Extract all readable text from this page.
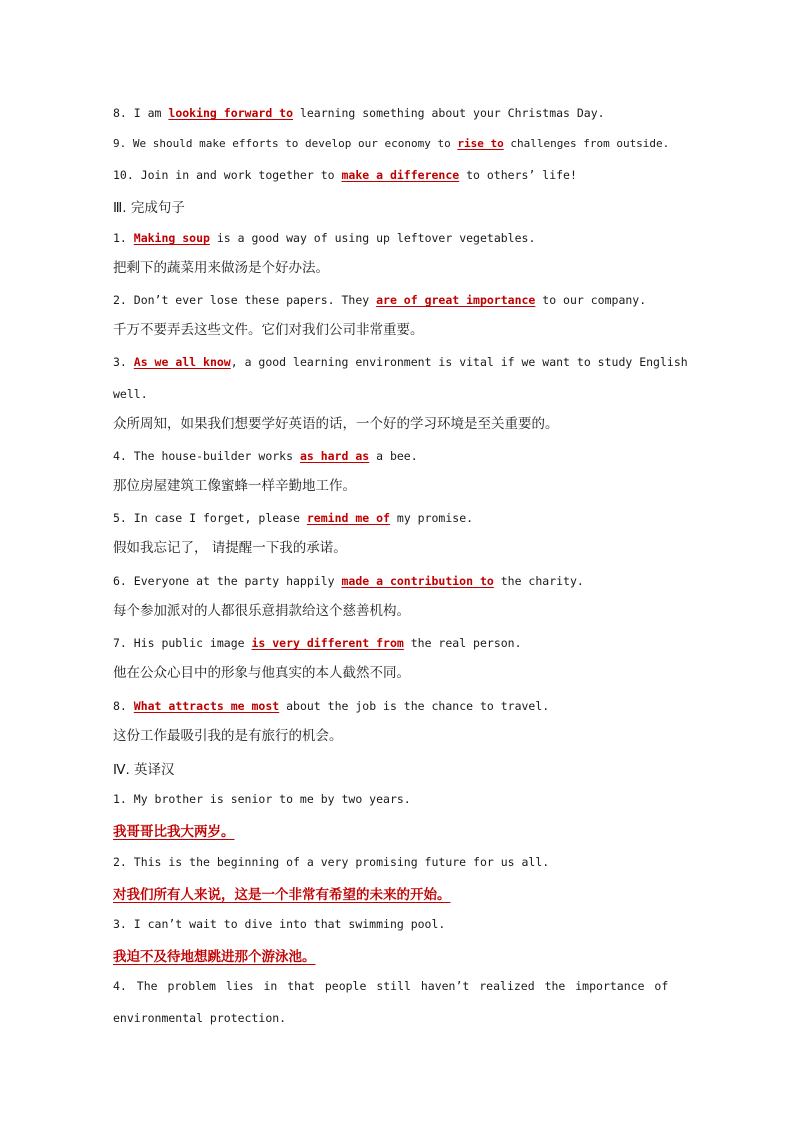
8. I am looking forward to learning something about your Christmas Day.
9. We should make efforts to develop our economy to rise to challenges from outside.
10. Join in and work together to make a difference to others’ life!
Ⅲ. 完成句子
1. Making soup is a good way of using up leftover vegetables.
把剩下的蔬菜用来做汤是个好办法。
2. Don’t ever lose these papers. They are of great importance to our company.
千万不要弄丢这些文件。它们对我们公司非常重要。
3. As we all know, a good learning environment is vital if we want to study English
well.
众所周知，如果我们想要学好英语的话，一个好的学习环境是至关重要的。
4. The house-builder works as hard as a bee.
那位房屋建筑工像蜜蜂一样辛勤地工作。
5. In case I forget, please remind me of my promise.
假如我忘记了， 请提醒一下我的承诺。
6. Everyone at the party happily made a contribution to the charity.
每个参加派对的人都很乐意捐款给这个慈善机构。
7. His public image is very different from the real person.
他在公众心目中的形象与他真实的本人截然不同。
8. What attracts me most about the job is the chance to travel.
这份工作最吸引我的是有旅行的机会。
Ⅳ. 英译汉
1. My brother is senior to me by two years.
我哥哥比我大两岁。
2. This is the beginning of a very promising future for us all.
对我们所有人来说，这是一个非常有希望的未来的开始。
3. I can’t wait to dive into that swimming pool.
我迫不及待地想跳进那个游泳池。
4. The problem lies in that people still haven’t realized the importance of
environmental protection.
